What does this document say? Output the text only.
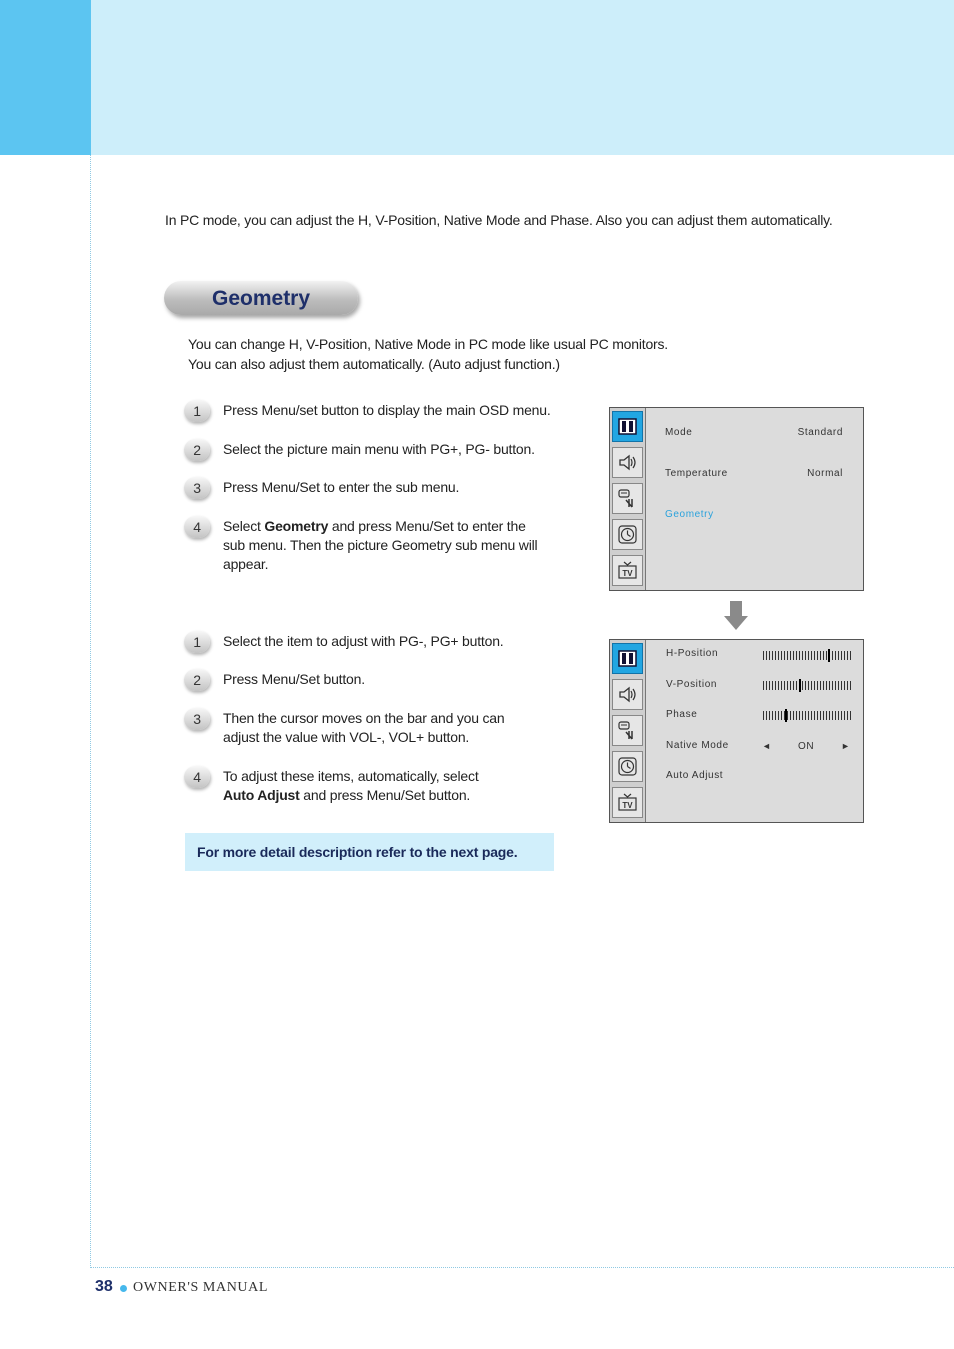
In PC mode, you can adjust the H, V-Position, Native Mode and Phase. Also you can adjust them automatically.
Geometry
You can change H, V-Position, Native Mode in PC mode like usual PC monitors.
You can also adjust them automatically. (Auto adjust function.)
1	Press Menu/set button to display the main OSD menu.
2	Select the picture main menu with PG+, PG- button.
3	Press Menu/Set to enter the sub menu.
4	Select Geometry and press Menu/Set to enter the sub menu. Then the picture Geometry sub menu will appear.
1	Select the item to adjust with PG-, PG+ button.
2	Press Menu/Set button.
3	Then the cursor moves on the bar and you can adjust the value with VOL-, VOL+ button.
4	To adjust these items, automatically, select Auto Adjust and press Menu/Set button.
For more detail description refer to the next page.
TV
Mode	Standard
Temperature	Normal
Geometry
TV
H-Position
V-Position
Phase
Native Mode	◄	ON	►
Auto Adjust
38 OWNER'S MANUAL
